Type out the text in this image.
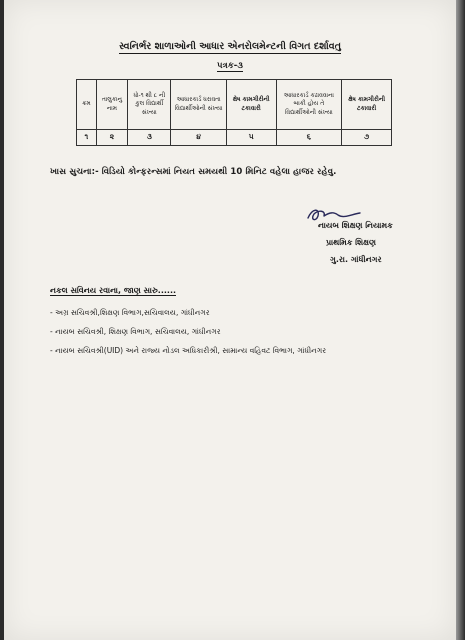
સ્વનિર્ભર શાળાઓની આધાર એનરોલમેન્ટની વિગત દર્શાવતુ
પત્રક-૩
ક્રમ	તાલુકાનુ નામ	ધો-૧ થી ૮ ની કુલ વિદ્યાર્થી સંખ્યા	આધારકાર્ડ ધરાવતા વિદ્યાર્થીઓની સંખ્યા	ક્ષેષ કામગીરીની ટકાવારી	આધારકાર્ડ કઢાવવાના બાકી હોય તે વિદ્યાર્થીઓની સંખ્યા	ક્ષેષ કામગીરીની ટકાવારી
૧	૨	૩	૪	૫	૬	૭
ખાસ સુચના:- વિડિયો કોન્ફરન્સમાં નિયત સમયથી 10 મિનિટ વહેલા હાજર રહેવુ.
નાયબ શિક્ષણ નિયામક
પ્રાથમિક શિક્ષણ
ગુ.રા. ગાંધીનગર
નકલ સવિનય રવાના, જાણ સારુ......
- અગ્ર સચિવશ્રી,શિક્ષણ વિભાગ,સચિવાલય, ગાંધીનગર
- નાયબ સચિવશ્રી, શિક્ષણ વિભાગ, સચિવાલય, ગાંધીનગર
- નાયબ સચિવશ્રી(UID) અને રાજ્ય નોડલ અધિકારીશ્રી, સામાન્ય વહિવટ વિભાગ, ગાંધીનગર
